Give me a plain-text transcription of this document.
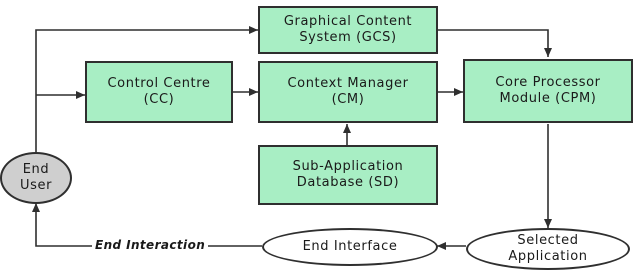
Graphical Content
System (GCS)
Control Centre
(CC)
Context Manager
(CM)
Core Processor
Module (CPM)
Sub-Application
Database (SD)
End
User
End Interface	Selected
Application
End Interaction
